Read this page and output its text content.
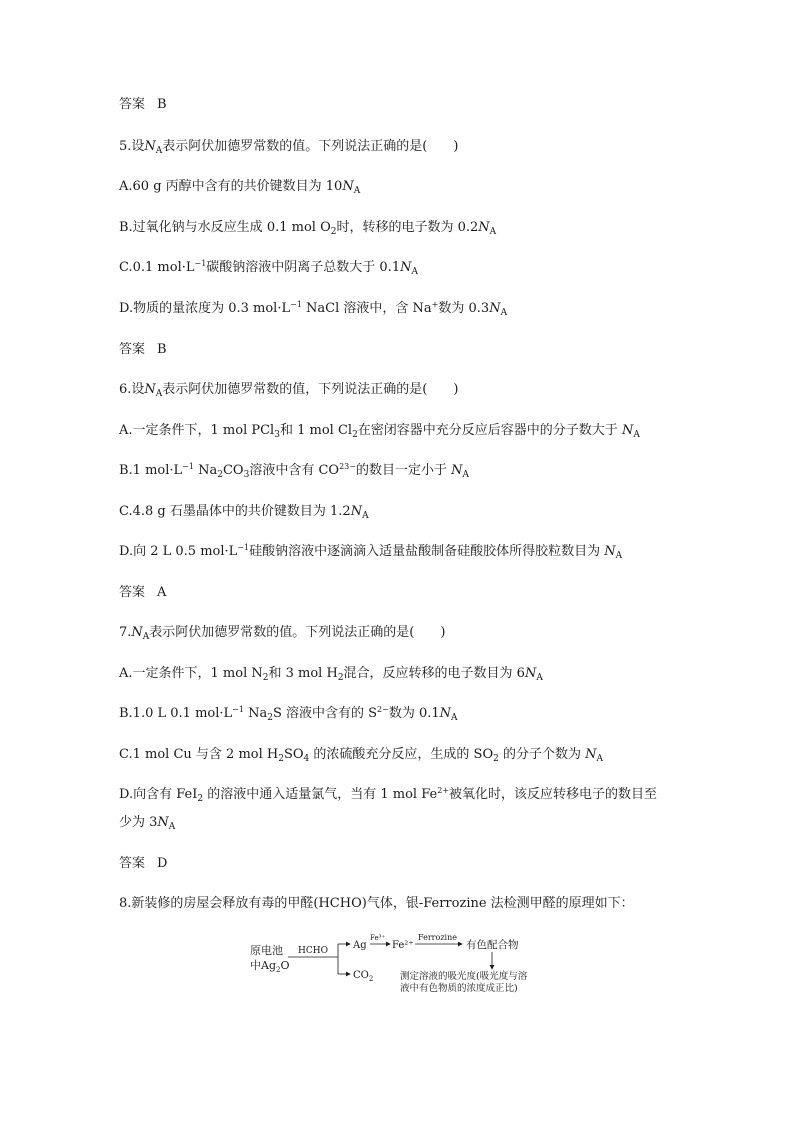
答案 B
5.设$N_A$表示阿伏加德罗常数的值。下列说法正确的是(　　)
A.60 g 丙醇中含有的共价键数目为 $10N_A$
B.过氧化钠与水反应生成 0.1 mol $O_2$时，转移的电子数为 $0.2N_A$
C.0.1 $mol\cdot L^{-1}$碳酸钠溶液中阴离子总数大于 $0.1N_A$
D.物质的量浓度为 0.3 $mol\cdot L^{-1}$ NaCl 溶液中，含 Na+数为 $0.3N_A$
答案 B
6.设$N_A$表示阿伏加德罗常数的值，下列说法正确的是(　　)
A.一定条件下，1 mol PCl$_3$和 1 mol $Cl_2$在密闭容器中充分反应后容器中的分子数大于 $N_A$
B.1 $mol\cdot L^{-1}$ $Na_2CO_3$溶液中含有 $CO^{23-}$的数目一定小于 $N_A$
C.4.8 g 石墨晶体中的共价键数目为 $1.2N_A$
D.向 2 L 0.5 $mol\cdot L^{-1}$硅酸钠溶液中逐滴滴入适量盐酸制备硅酸胶体所得胶粒数目为 $N_A$
答案 A
$7.N_A$表示阿伏加德罗常数的值。下列说法正确的是(　　)
A.一定条件下，1 mol $N_2$和 3 mol $H_2$混合，反应转移的电子数目为 $6N_A$
B.1.0 L 0.1 $mol\cdot L^{-1}$ $Na_2S$ 溶液中含有的 $S^{2-}$数为 $0.1N_A$
C.1 mol Cu 与含 2 mol $H_2SO_4$ 的浓硫酸充分反应，生成的 $SO_2$ 的分子个数为 $N_A$
D.向含有 FeI$_2$ 的溶液中通入适量氯气，当有 1 mol $Fe^{2+}$被氧化时，该反应转移电子的数目至
少为 $3N_A$
答案 D
8.新装修的房屋会释放有毒的甲醛(HCHO)气体，银-Ferrozine 法检测甲醛的原理如下：
原电池
中$Ag_2O$
HCHO	Ag
$CO_2$
Fe³⁺
Fe²⁺
Ferrozine
有色配合物
测定溶液的吸光度(吸光度与溶
液中有色物质的浓度成正比)
